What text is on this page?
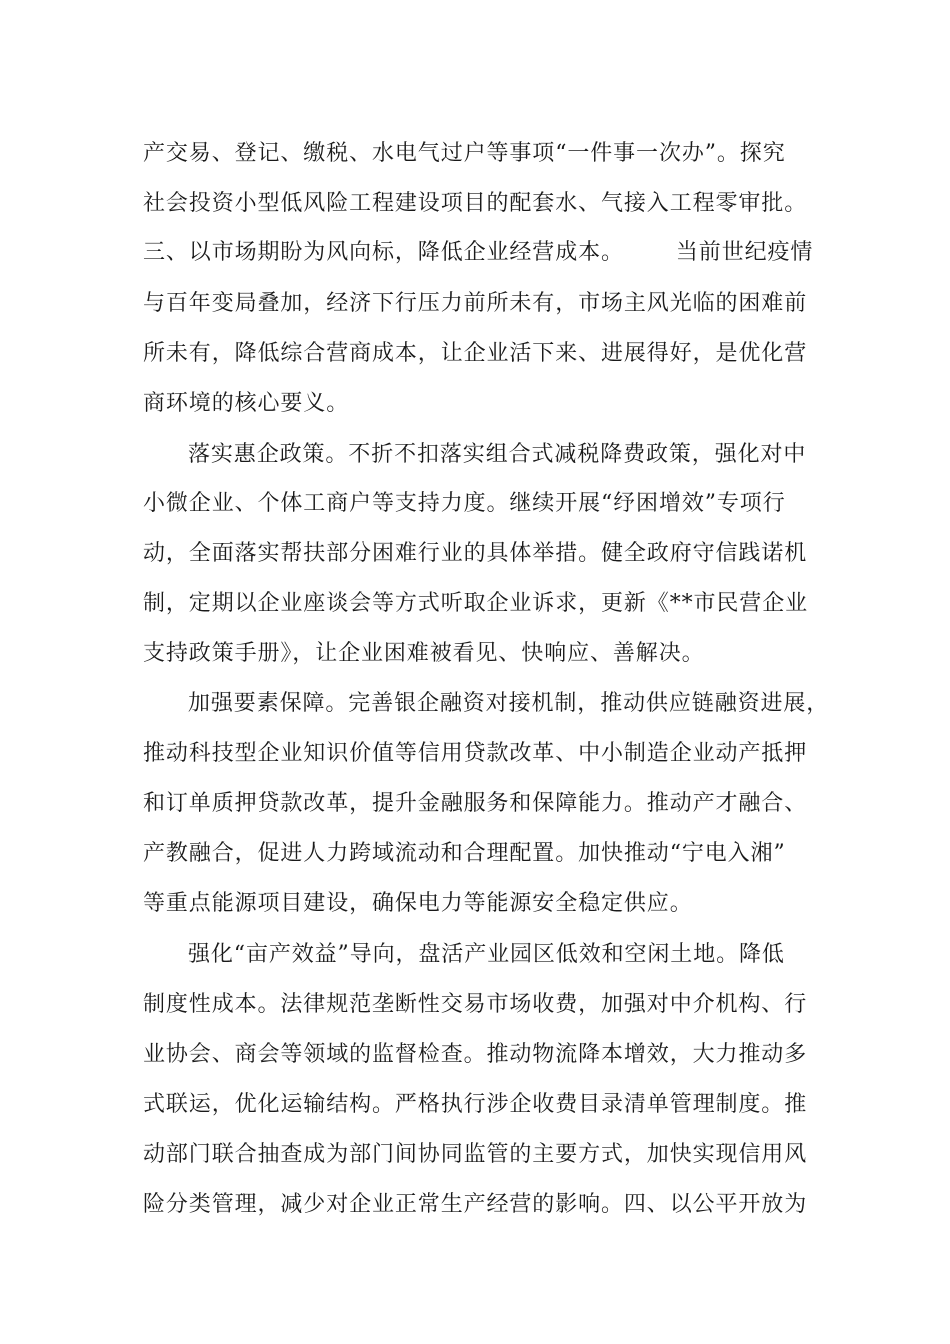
产交易、登记、缴税、水电气过户等事项“一件事一次办”。探究
社会投资小型低风险工程建设项目的配套水、气接入工程零审批。
三、以市场期盼为风向标，降低企业经营成本。 当前世纪疫情
与百年变局叠加，经济下行压力前所未有，市场主风光临的困难前
所未有，降低综合营商成本，让企业活下来、进展得好，是优化营
商环境的核心要义。
落实惠企政策。不折不扣落实组合式减税降费政策，强化对中
小微企业、个体工商户等支持力度。继续开展“纾困增效”专项行
动，全面落实帮扶部分困难行业的具体举措。健全政府守信践诺机
制，定期以企业座谈会等方式听取企业诉求，更新《**市民营企业
支持政策手册》，让企业困难被看见、快响应、善解决。
加强要素保障。完善银企融资对接机制，推动供应链融资进展，
推动科技型企业知识价值等信用贷款改革、中小制造企业动产抵押
和订单质押贷款改革，提升金融服务和保障能力。推动产才融合、
产教融合，促进人力跨域流动和合理配置。加快推动“宁电入湘”
等重点能源项目建设，确保电力等能源安全稳定供应。
强化“亩产效益”导向，盘活产业园区低效和空闲土地。降低
制度性成本。法律规范垄断性交易市场收费，加强对中介机构、行
业协会、商会等领域的监督检查。推动物流降本增效，大力推动多
式联运，优化运输结构。严格执行涉企收费目录清单管理制度。推
动部门联合抽查成为部门间协同监管的主要方式，加快实现信用风
险分类管理，减少对企业正常生产经营的影响。四、以公平开放为
